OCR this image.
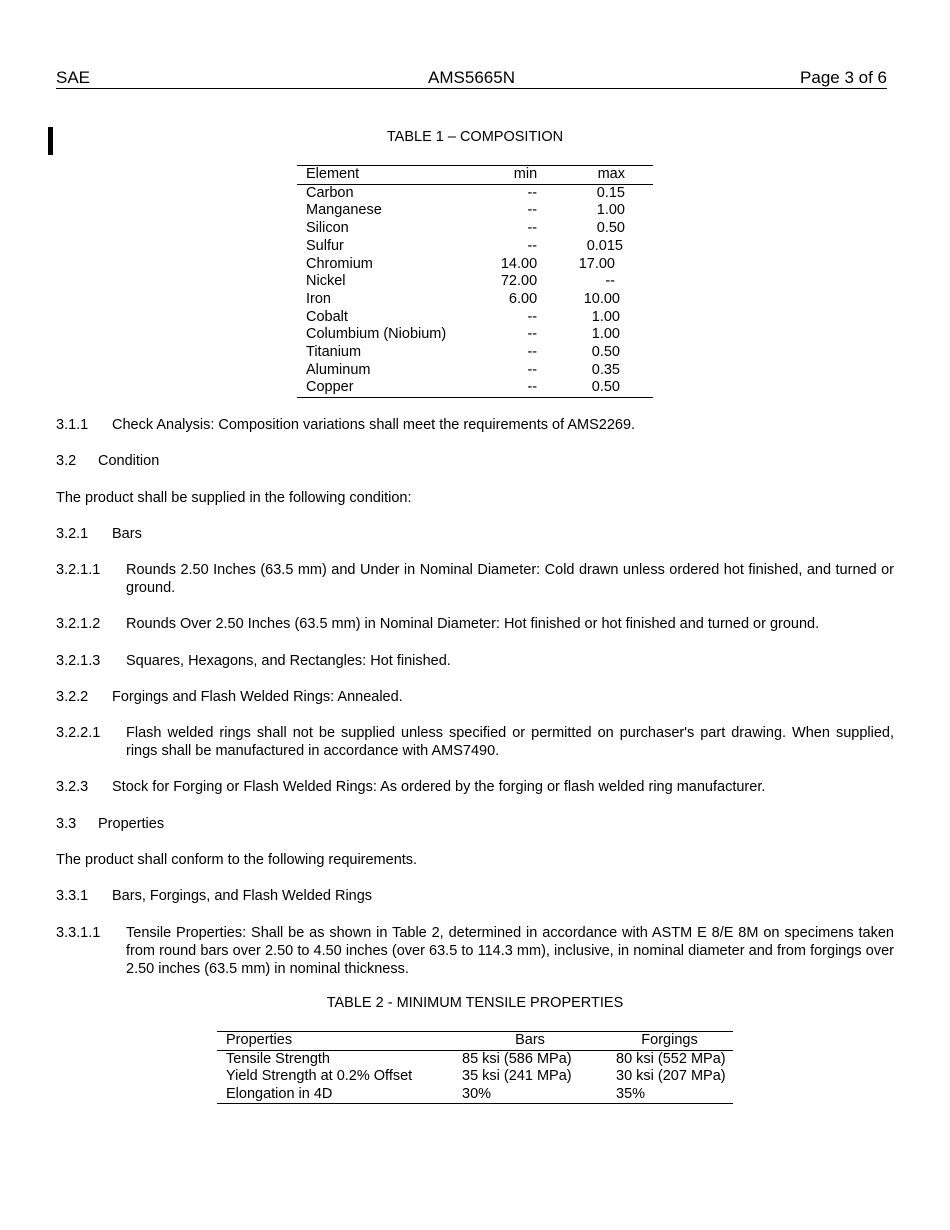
SAE	AMS5665N	Page 3 of 6
TABLE 1 – COMPOSITION
Element	min	max
Carbon	--	0.15
Manganese	--	1.00
Silicon	--	0.50
Sulfur	--	0.015
Chromium	14.00	17.00
Nickel	72.00	--
Iron	6.00	10.00
Cobalt	--	1.00
Columbium (Niobium)	--	1.00
Titanium	--	0.50
Aluminum	--	0.35
Copper	--	0.50
3.1.1 Check Analysis: Composition variations shall meet the requirements of AMS2269.
3.2 Condition
The product shall be supplied in the following condition:
3.2.1 Bars
3.2.1.1 Rounds 2.50 Inches (63.5 mm) and Under in Nominal Diameter: Cold drawn unless ordered hot finished, and turned or ground.
3.2.1.2 Rounds Over 2.50 Inches (63.5 mm) in Nominal Diameter: Hot finished or hot finished and turned or ground.
3.2.1.3 Squares, Hexagons, and Rectangles: Hot finished.
3.2.2 Forgings and Flash Welded Rings: Annealed.
3.2.2.1 Flash welded rings shall not be supplied unless specified or permitted on purchaser's part drawing. When supplied, rings shall be manufactured in accordance with AMS7490.
3.2.3 Stock for Forging or Flash Welded Rings: As ordered by the forging or flash welded ring manufacturer.
3.3 Properties
The product shall conform to the following requirements.
3.3.1 Bars, Forgings, and Flash Welded Rings
3.3.1.1 Tensile Properties: Shall be as shown in Table 2, determined in accordance with ASTM E 8/E 8M on specimens taken from round bars over 2.50 to 4.50 inches (over 63.5 to 114.3 mm), inclusive, in nominal diameter and from forgings over 2.50 inches (63.5 mm) in nominal thickness.
TABLE 2 - MINIMUM TENSILE PROPERTIES
Properties	Bars	Forgings
Tensile Strength	85 ksi (586 MPa)	80 ksi (552 MPa)
Yield Strength at 0.2% Offset	35 ksi (241 MPa)	30 ksi (207 MPa)
Elongation in 4D	30%	35%
